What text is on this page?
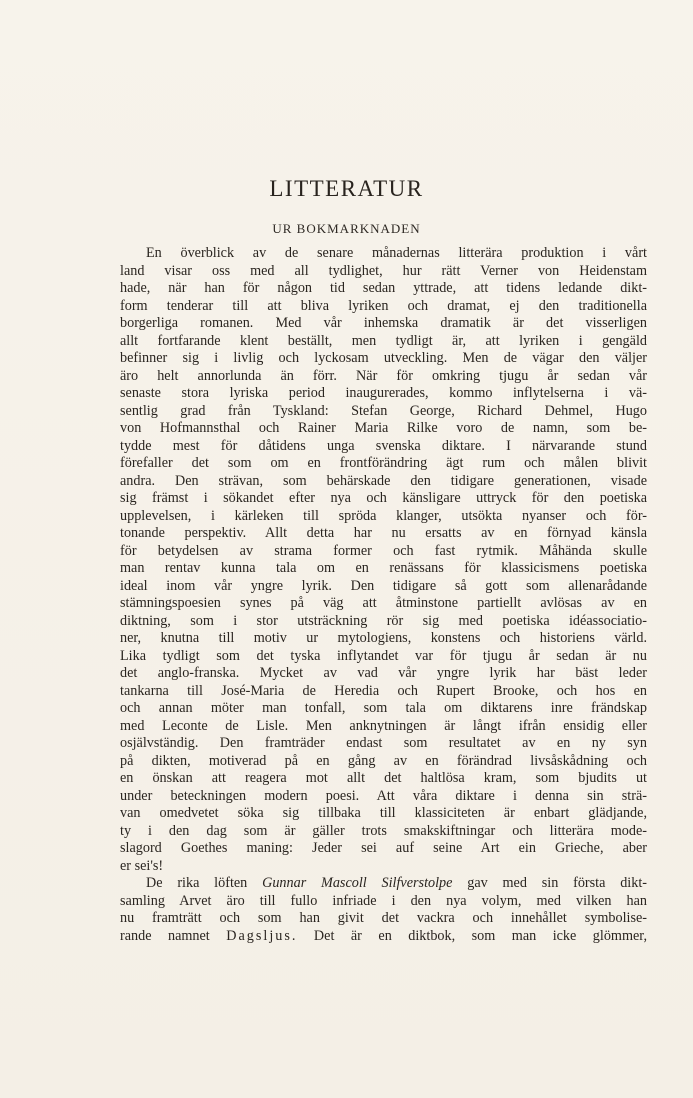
LITTERATUR
UR BOKMARKNADEN
En överblick av de senare månadernas litterära produktion i vårt
land visar oss med all tydlighet, hur rätt Verner von Heidenstam
hade, när han för någon tid sedan yttrade, att tidens ledande dikt-
form tenderar till att bliva lyriken och dramat, ej den traditionella
borgerliga romanen. Med vår inhemska dramatik är det visserligen
allt fortfarande klent beställt, men tydligt är, att lyriken i gengäld
befinner sig i livlig och lyckosam utveckling. Men de vägar den väljer
äro helt annorlunda än förr. När för omkring tjugu år sedan vår
senaste stora lyriska period inaugurerades, kommo inflytelserna i vä-
sentlig grad från Tyskland: Stefan George, Richard Dehmel, Hugo
von Hofmannsthal och Rainer Maria Rilke voro de namn, som be-
tydde mest för dåtidens unga svenska diktare. I närvarande stund
förefaller det som om en frontförändring ägt rum och målen blivit
andra. Den strävan, som behärskade den tidigare generationen, visade
sig främst i sökandet efter nya och känsligare uttryck för den poetiska
upplevelsen, i kärleken till spröda klanger, utsökta nyanser och för-
tonande perspektiv. Allt detta har nu ersatts av en förnyad känsla
för betydelsen av strama former och fast rytmik. Måhända skulle
man rentav kunna tala om en renässans för klassicismens poetiska
ideal inom vår yngre lyrik. Den tidigare så gott som allenarådande
stämningspoesien synes på väg att åtminstone partiellt avlösas av en
diktning, som i stor utsträckning rör sig med poetiska idéassociatio-
ner, knutna till motiv ur mytologiens, konstens och historiens värld.
Lika tydligt som det tyska inflytandet var för tjugu år sedan är nu
det anglo-franska. Mycket av vad vår yngre lyrik har bäst leder
tankarna till José-Maria de Heredia och Rupert Brooke, och hos en
och annan möter man tonfall, som tala om diktarens inre frändskap
med Leconte de Lisle. Men anknytningen är långt ifrån ensidig eller
osjälvständig. Den framträder endast som resultatet av en ny syn
på dikten, motiverad på en gång av en förändrad livsåskådning och
en önskan att reagera mot allt det haltlösa kram, som bjudits ut
under beteckningen modern poesi. Att våra diktare i denna sin strä-
van omedvetet söka sig tillbaka till klassiciteten är enbart glädjande,
ty i den dag som är gäller trots smakskiftningar och litterära mode-
slagord Goethes maning: Jeder sei auf seine Art ein Grieche, aber
er sei's!
De rika löften Gunnar Mascoll Silfverstolpe gav med sin första dikt-
samling Arvet äro till fullo infriade i den nya volym, med vilken han
nu framträtt och som han givit det vackra och innehållet symbolise-
rande namnet Dagsljus. Det är en diktbok, som man icke glömmer,
